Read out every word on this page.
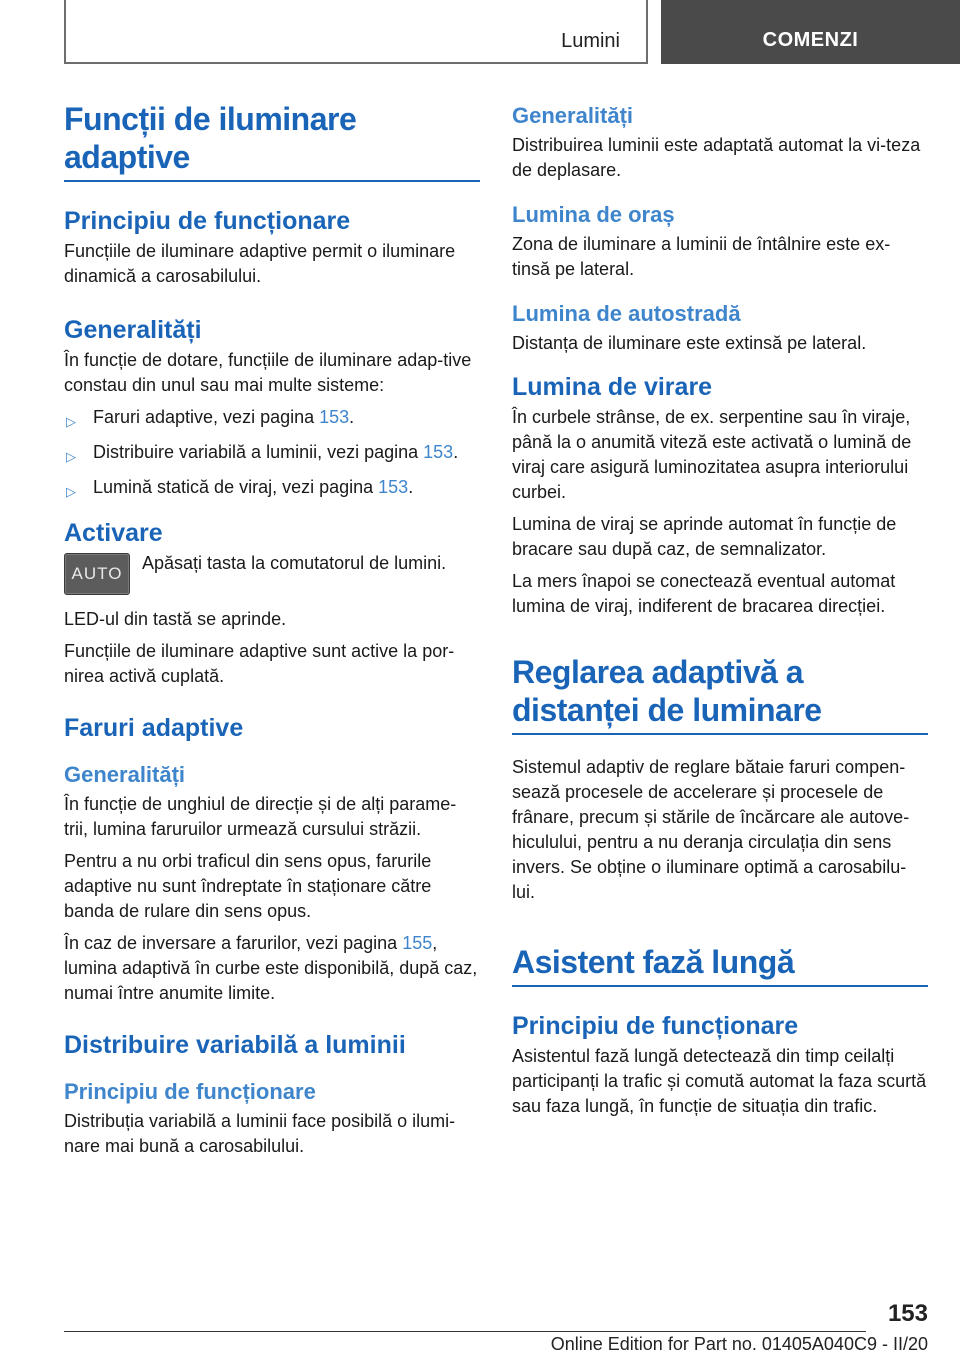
Lumini	COMENZI
Funcții de iluminare
adaptive
Principiu de funcționare

Funcțiile de iluminare adaptive permit o iluminare dinamică a carosabilului.

Generalități

În funcție de dotare, funcțiile de iluminare adap-tive constau din unul sau mai multe sisteme:

▷ Faruri adaptive, vezi pagina 153.
▷ Distribuire variabilă a luminii, vezi pagina 153.
▷ Lumină statică de viraj, vezi pagina 153.
Activare
AUTO

Apăsați tasta la comutatorul de lumini.

LED-ul din tastă se aprinde.

Funcțiile de iluminare adaptive sunt active la por-nirea activă cuplată.

Faruri adaptive
Generalități

În funcție de unghiul de direcție și de alți parame-trii, lumina faruruilor urmează cursului străzii.

Pentru a nu orbi traficul din sens opus, farurile adaptive nu sunt îndreptate în staționare către banda de rulare din sens opus.

În caz de inversare a farurilor, vezi pagina 155, lumina adaptivă în curbe este disponibilă, după caz, numai între anumite limite.

Distribuire variabilă a luminii
Principiu de funcționare

Distribuția variabilă a luminii face posibilă o ilumi-nare mai bună a carosabilului.

Generalități

Distribuirea luminii este adaptată automat la vi-teza de deplasare.

Lumina de oraș

Zona de iluminare a luminii de întâlnire este ex-tinsă pe lateral.

Lumina de autostradă

Distanța de iluminare este extinsă pe lateral.

Lumina de virare

În curbele strânse, de ex. serpentine sau în viraje, până la o anumită viteză este activată o lumină de viraj care asigură luminozitatea asupra interiorului curbei.

Lumina de viraj se aprinde automat în funcție de bracare sau după caz, de semnalizator.

La mers înapoi se conectează eventual automat lumina de viraj, indiferent de bracarea direcției.

Reglarea adaptivă a
distanței de luminare

Sistemul adaptiv de reglare bătaie faruri compen-sează procesele de accelerare și procesele de frânare, precum și stările de încărcare ale autove-hiculului, pentru a nu deranja circulația din sens invers. Se obține o iluminare optimă a carosabilu-lui.

Asistent fază lungă
Principiu de funcționare

Asistentul fază lungă detectează din timp ceilalți participanți la trafic și comută automat la faza scurtă sau faza lungă, în funcție de situația din trafic.

153
Online Edition for Part no. 01405A040C9 - II/20
